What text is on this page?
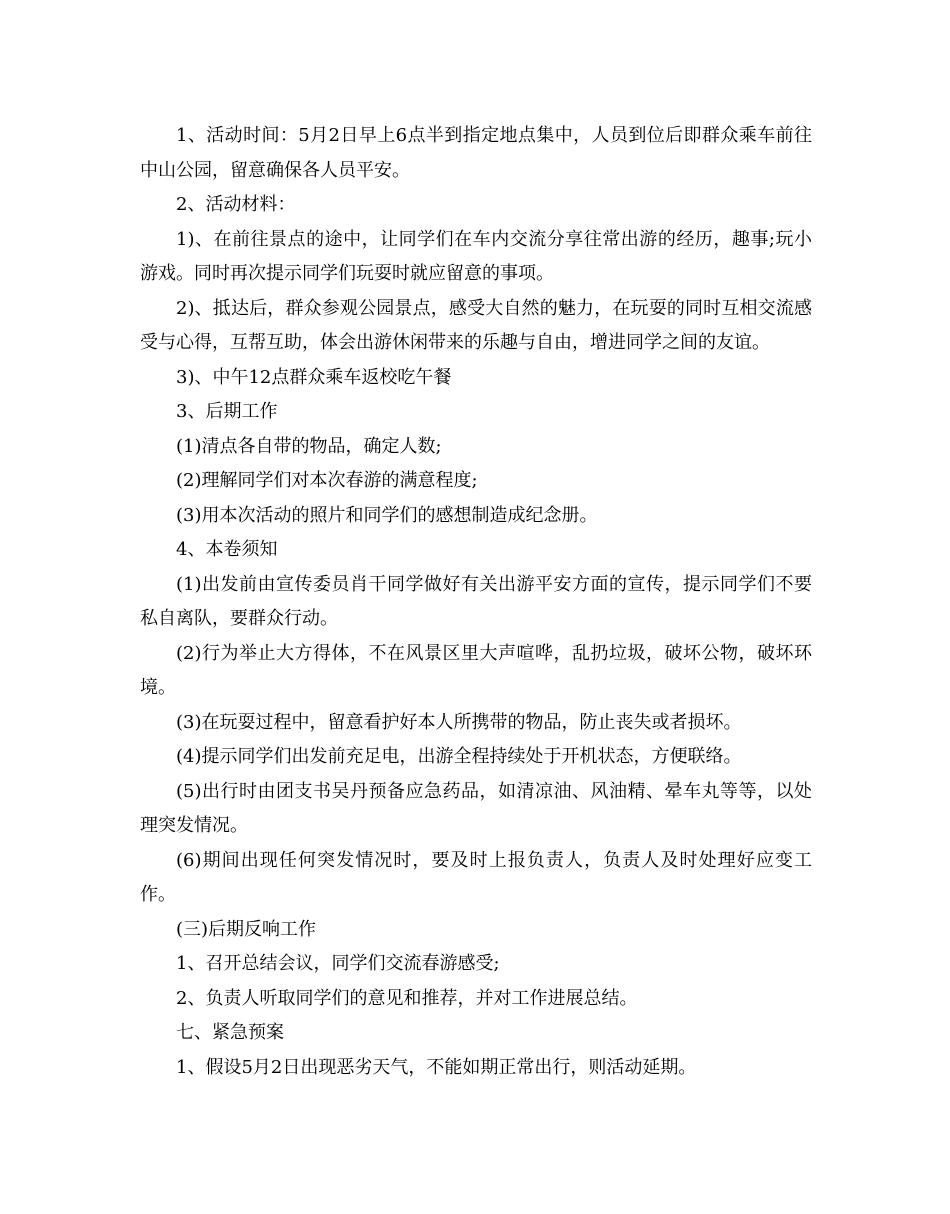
1、活动时间：5月2日早上6点半到指定地点集中，人员到位后即群众乘车前往中山公园，留意确保各人员平安。

2、活动材料：

1)、在前往景点的途中，让同学们在车内交流分享往常出游的经历，趣事;玩小游戏。同时再次提示同学们玩耍时就应留意的事项。

2)、抵达后，群众参观公园景点，感受大自然的魅力，在玩耍的同时互相交流感受与心得，互帮互助，体会出游休闲带来的乐趣与自由，增进同学之间的友谊。

3)、中午12点群众乘车返校吃午餐

3、后期工作

(1)清点各自带的物品，确定人数;

(2)理解同学们对本次春游的满意程度;

(3)用本次活动的照片和同学们的感想制造成纪念册。

4、本卷须知

(1)出发前由宣传委员肖干同学做好有关出游平安方面的宣传，提示同学们不要私自离队，要群众行动。

(2)行为举止大方得体，不在风景区里大声喧哗，乱扔垃圾，破坏公物，破坏环境。

(3)在玩耍过程中，留意看护好本人所携带的物品，防止丧失或者损坏。

(4)提示同学们出发前充足电，出游全程持续处于开机状态，方便联络。

(5)出行时由团支书吴丹预备应急药品，如清凉油、风油精、晕车丸等等，以处理突发情况。

(6)期间出现任何突发情况时，要及时上报负责人，负责人及时处理好应变工作。

(三)后期反响工作

1、召开总结会议，同学们交流春游感受;

2、负责人听取同学们的意见和推荐，并对工作进展总结。

七、紧急预案

1、假设5月2日出现恶劣天气，不能如期正常出行，则活动延期。
